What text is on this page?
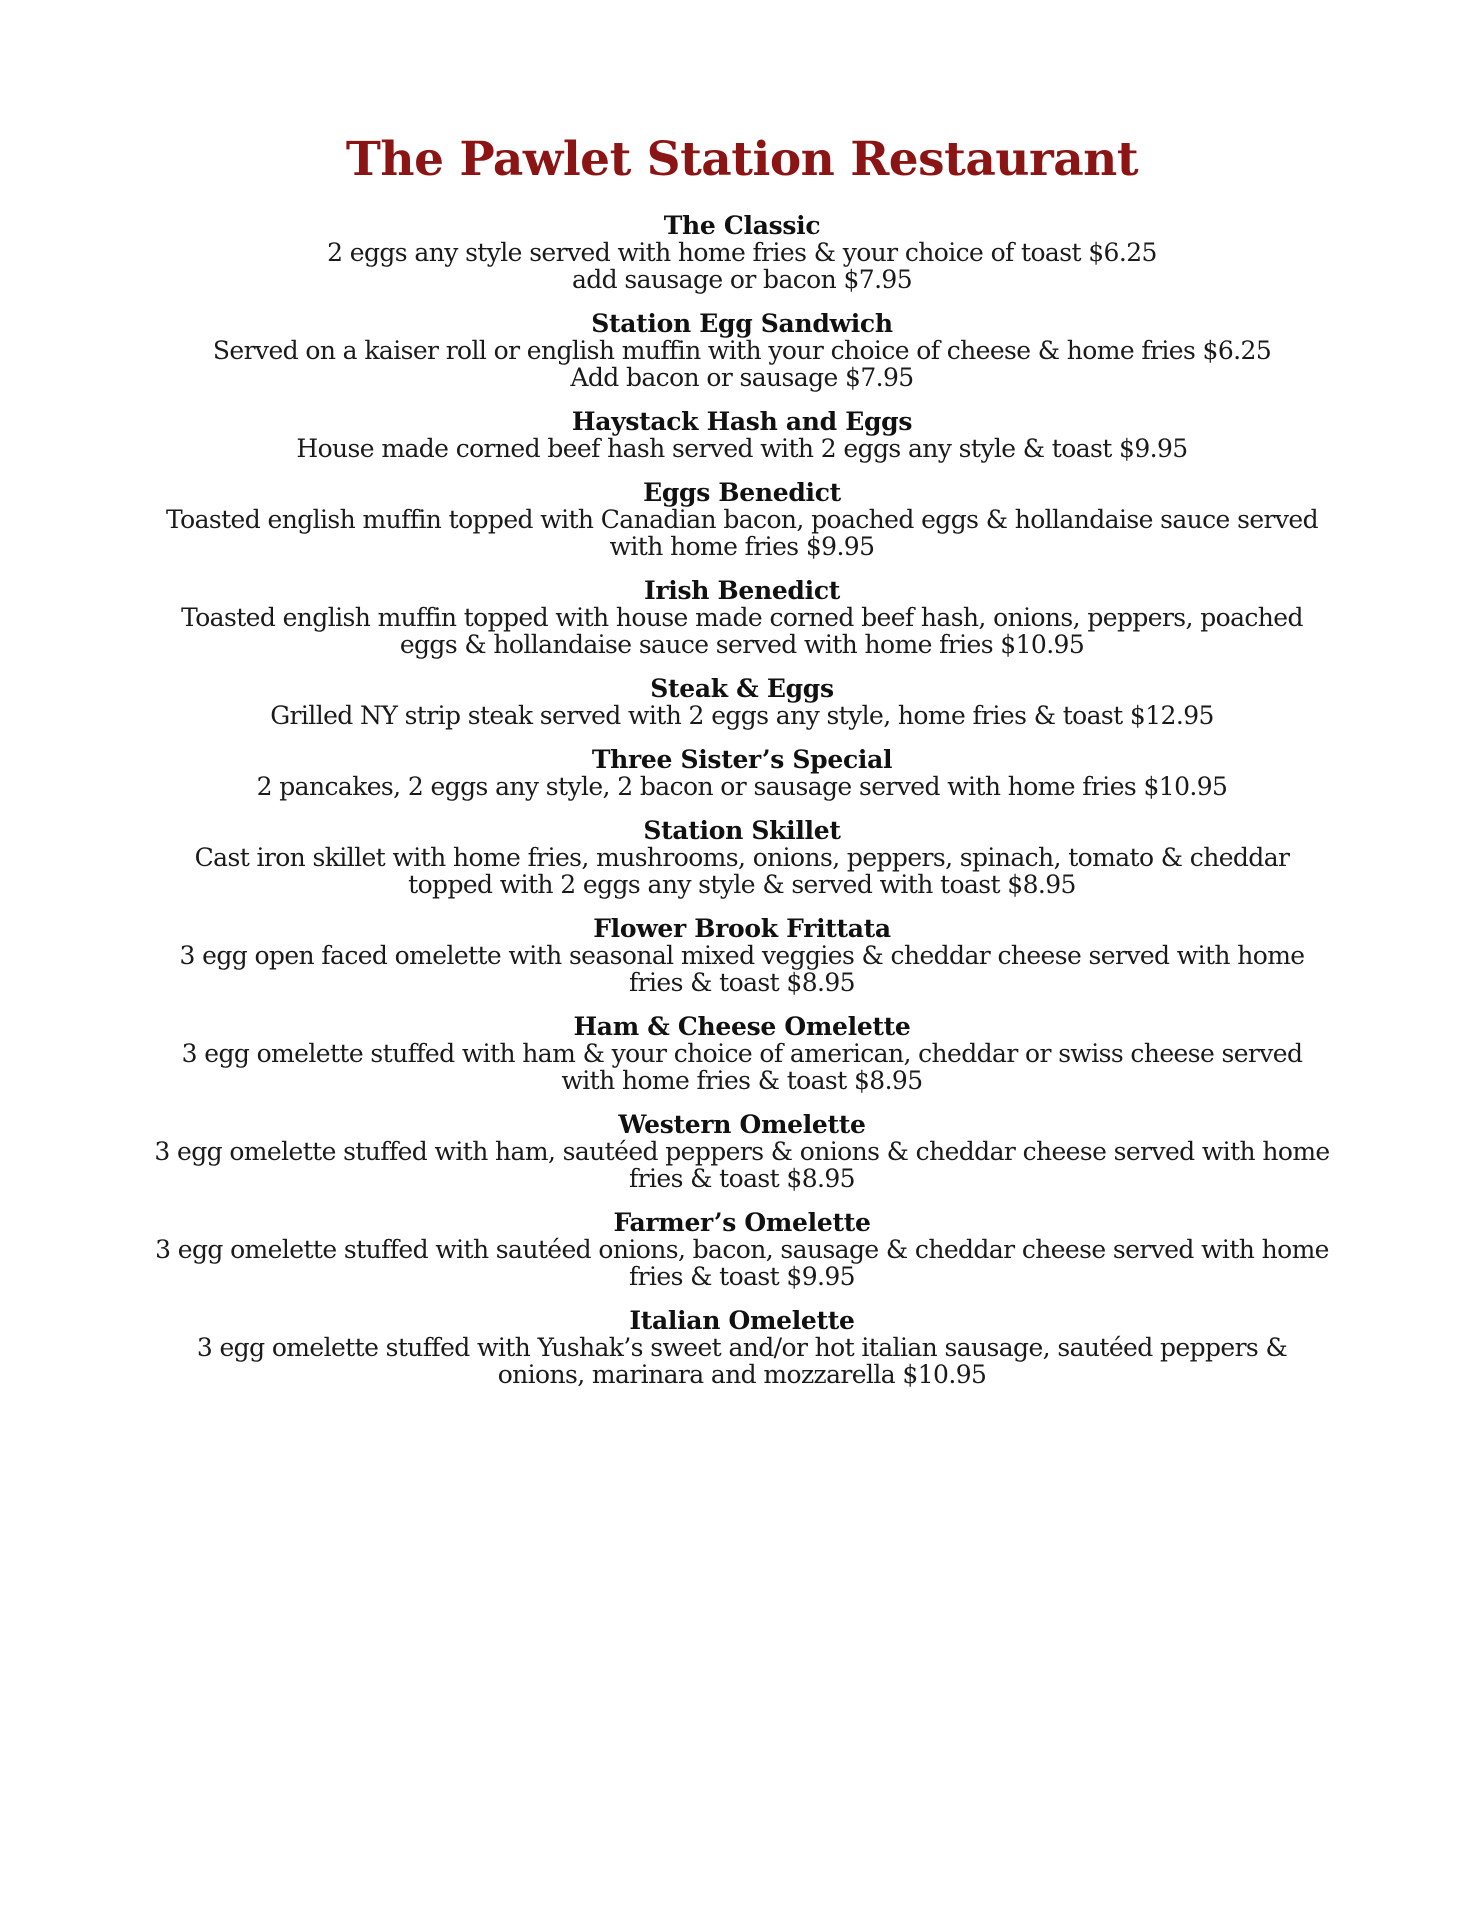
The Pawlet Station Restaurant
The Classic
2 eggs any style served with home fries & your choice of toast $6.25
add sausage or bacon $7.95
Station Egg Sandwich
Served on a kaiser roll or english muffin with your choice of cheese & home fries $6.25
Add bacon or sausage $7.95
Haystack Hash and Eggs
House made corned beef hash served with 2 eggs any style & toast $9.95
Eggs Benedict
Toasted english muffin topped with Canadian bacon, poached eggs & hollandaise sauce served
with home fries $9.95
Irish Benedict
Toasted english muffin topped with house made corned beef hash, onions, peppers, poached
eggs & hollandaise sauce served with home fries $10.95
Steak & Eggs
Grilled NY strip steak served with 2 eggs any style, home fries & toast $12.95
Three Sister’s Special
2 pancakes, 2 eggs any style, 2 bacon or sausage served with home fries $10.95
Station Skillet
Cast iron skillet with home fries, mushrooms, onions, peppers, spinach, tomato & cheddar
topped with 2 eggs any style & served with toast $8.95
Flower Brook Frittata
3 egg open faced omelette with seasonal mixed veggies & cheddar cheese served with home
fries & toast $8.95
Ham & Cheese Omelette
3 egg omelette stuffed with ham & your choice of american, cheddar or swiss cheese served
with home fries & toast $8.95
Western Omelette
3 egg omelette stuffed with ham, sautéed peppers & onions & cheddar cheese served with home
fries & toast $8.95
Farmer’s Omelette
3 egg omelette stuffed with sautéed onions, bacon, sausage & cheddar cheese served with home
fries & toast $9.95
Italian Omelette
3 egg omelette stuffed with Yushak’s sweet and/or hot italian sausage, sautéed peppers &
onions, marinara and mozzarella $10.95
